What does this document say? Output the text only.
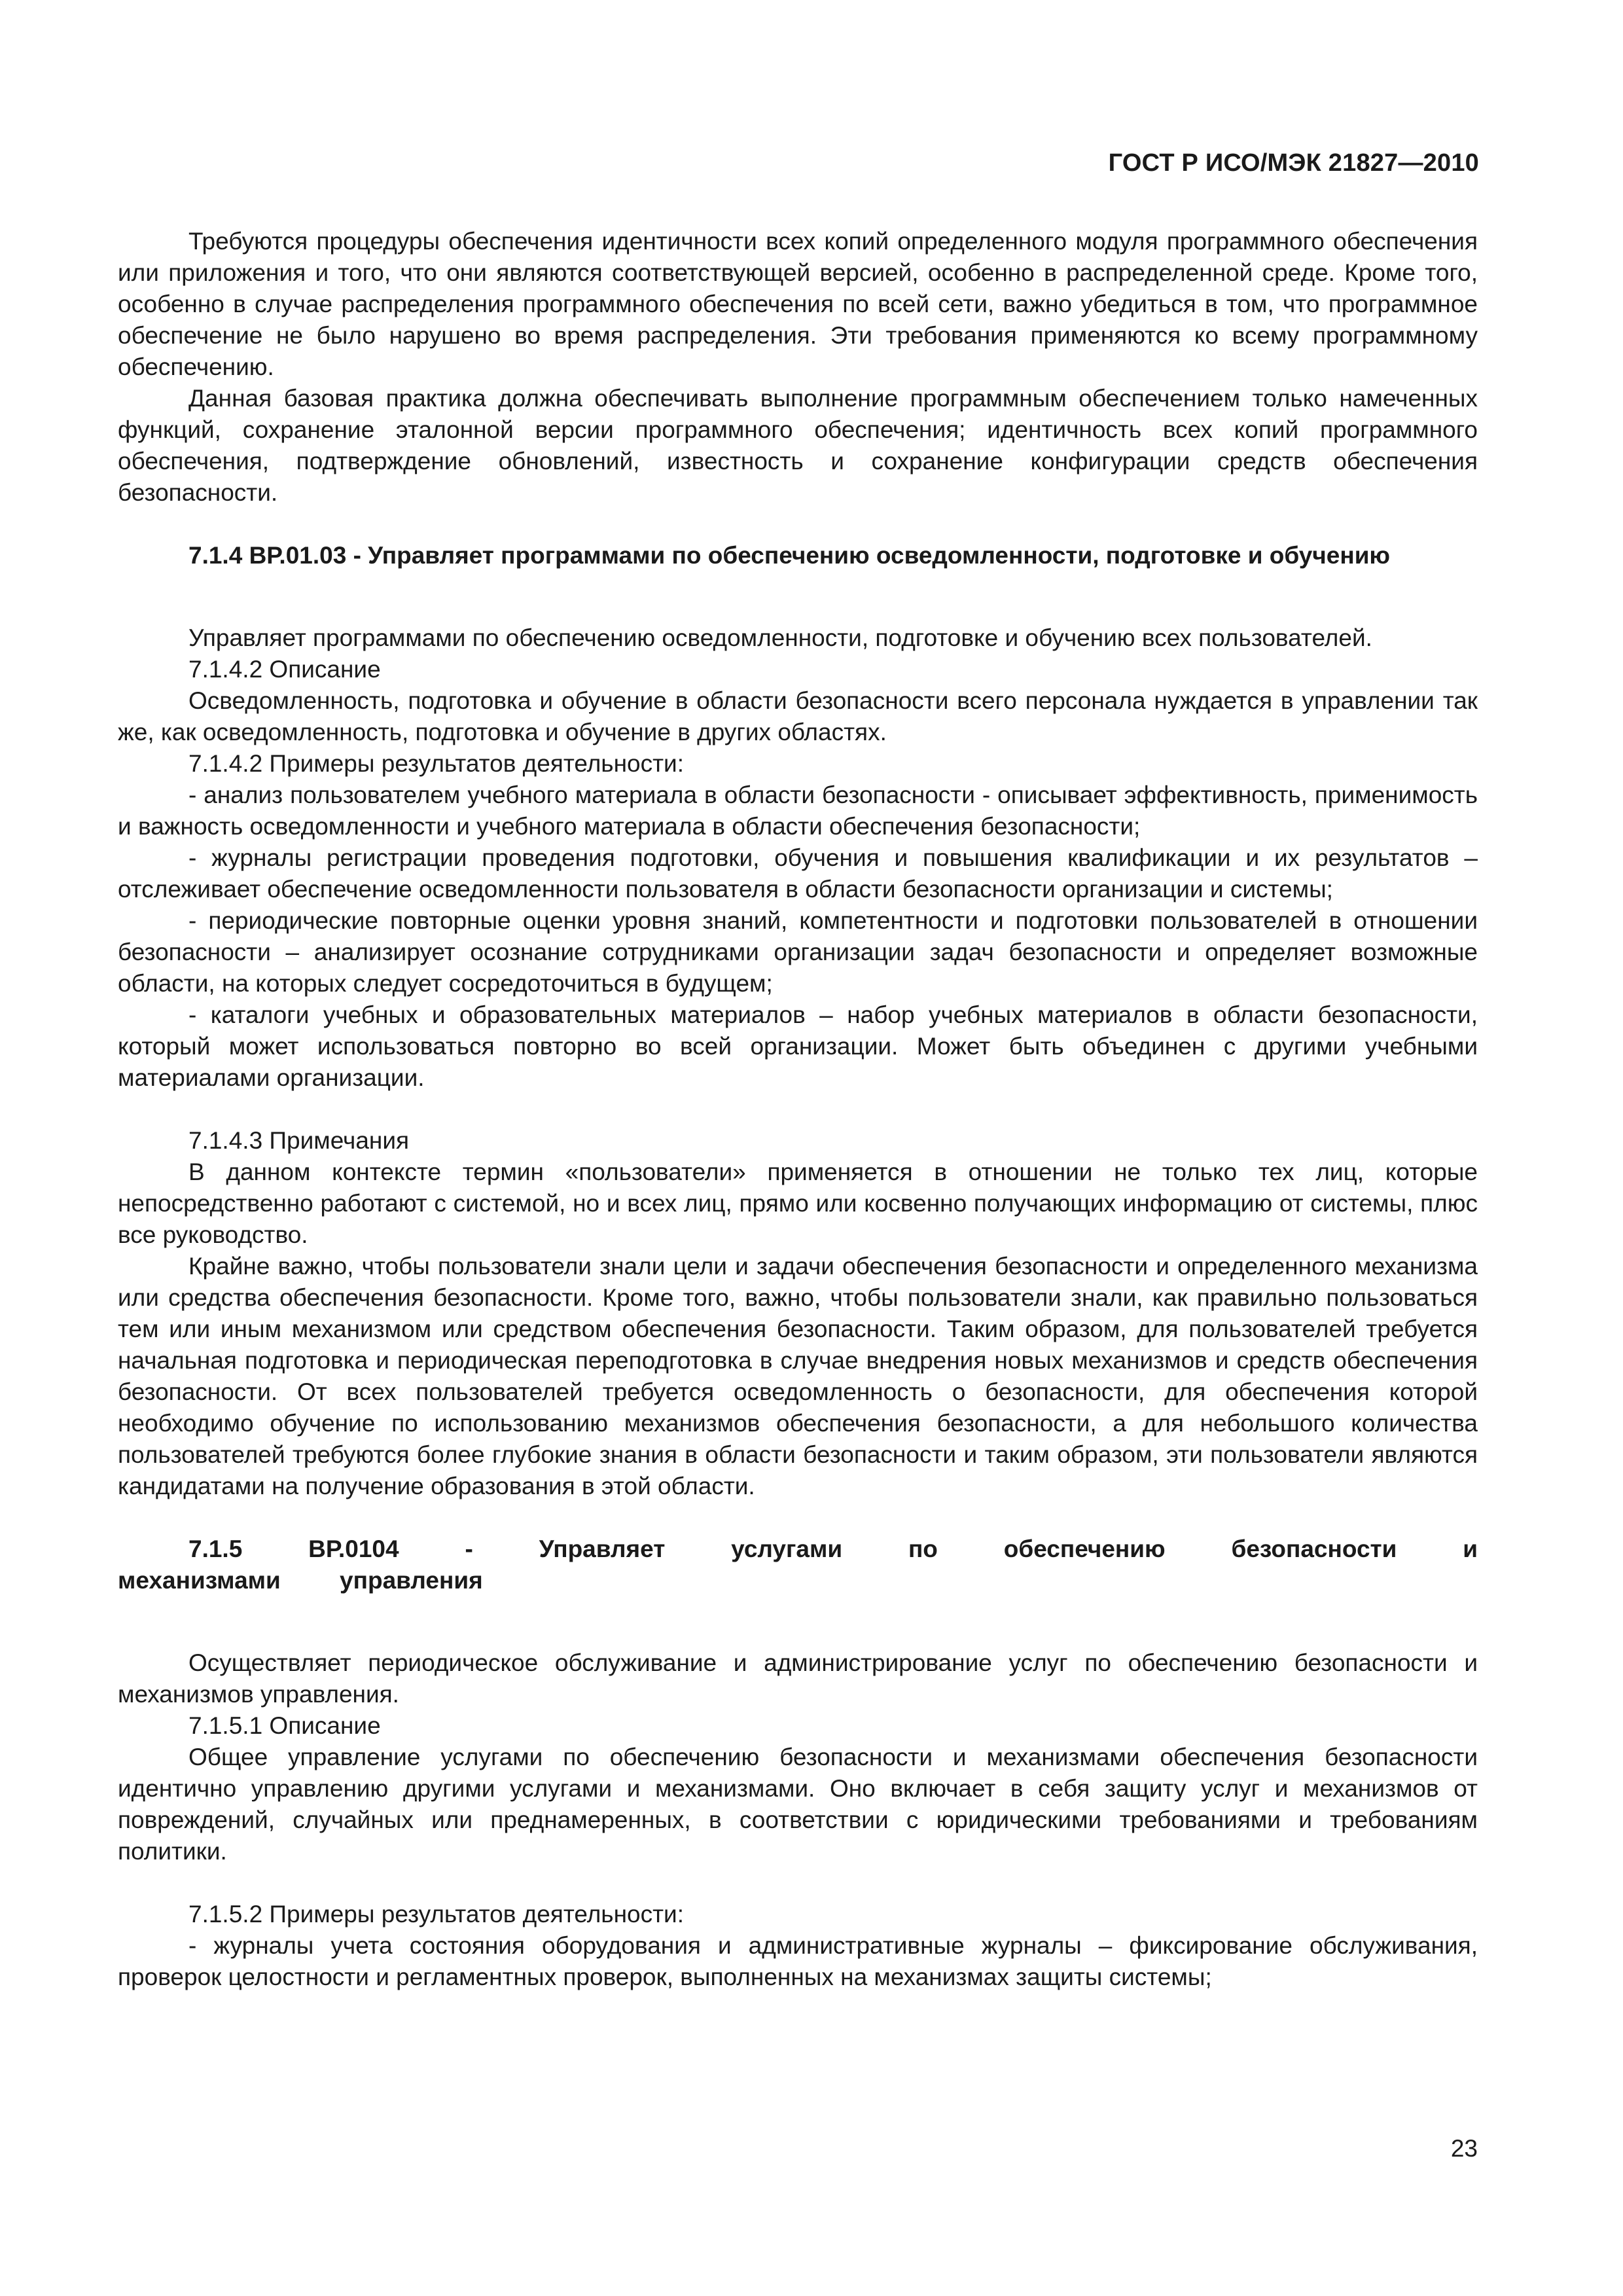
ГОСТ Р ИСО/МЭК 21827—2010

Требуются процедуры обеспечения идентичности всех копий определенного модуля программного обеспечения или приложения и того, что они являются соответствующей версией, особенно в распределенной среде. Кроме того, особенно в случае распределения программного обеспечения по всей сети, важно убедиться в том, что программное обеспечение не было нарушено во время распределения. Эти требования применяются ко всему программному обеспечению.

Данная базовая практика должна обеспечивать выполнение программным обеспечением только намеченных функций, сохранение эталонной версии программного обеспечения; идентичность всех копий программного обеспечения, подтверждение обновлений, известность и сохранение конфигурации средств обеспечения безопасности.

7.1.4 ВР.01.03 - Управляет программами по обеспечению осведомленности, подготовке и обучению

Управляет программами по обеспечению осведомленности, подготовке и обучению всех пользователей.

7.1.4.2 Описание

Осведомленность, подготовка и обучение в области безопасности всего персонала нуждается в управлении так же, как осведомленность, подготовка и обучение в других областях.

7.1.4.2 Примеры результатов деятельности:

- анализ пользователем учебного материала в области безопасности - описывает эффективность, применимость и важность осведомленности и учебного материала в области обеспечения безопасности;

- журналы регистрации проведения подготовки, обучения и повышения квалификации и их результатов – отслеживает обеспечение осведомленности пользователя в области безопасности организации и системы;

- периодические повторные оценки уровня знаний, компетентности и подготовки пользователей в отношении безопасности – анализирует осознание сотрудниками организации задач безопасности и определяет возможные области, на которых следует сосредоточиться в будущем;

- каталоги учебных и образовательных материалов – набор учебных материалов в области безопасности, который может использоваться повторно во всей организации. Может быть объединен с другими учебными материалами организации.

7.1.4.3 Примечания

В данном контексте термин «пользователи» применяется в отношении не только тех лиц, которые непосредственно работают с системой, но и всех лиц, прямо или косвенно получающих информацию от системы, плюс все руководство.

Крайне важно, чтобы пользователи знали цели и задачи обеспечения безопасности и определенного механизма или средства обеспечения безопасности. Кроме того, важно, чтобы пользователи знали, как правильно пользоваться тем или иным механизмом или средством обеспечения безопасности. Таким образом, для пользователей требуется начальная подготовка и периодическая переподготовка в случае внедрения новых механизмов и средств обеспечения безопасности. От всех пользователей требуется осведомленность о безопасности, для обеспечения которой необходимо обучение по использованию механизмов обеспечения безопасности, а для небольшого количества пользователей требуются более глубокие знания в области безопасности и таким образом, эти пользователи являются кандидатами на получение образования в этой области.

7.1.5 ВР.0104 - Управляет услугами по обеспечению безопасности и механизмами управления

Осуществляет периодическое обслуживание и администрирование услуг по обеспечению безопасности и механизмов управления.

7.1.5.1 Описание

Общее управление услугами по обеспечению безопасности и механизмами обеспечения безопасности идентично управлению другими услугами и механизмами. Оно включает в себя защиту услуг и механизмов от повреждений, случайных или преднамеренных, в соответствии с юридическими требованиями и требованиям политики.

7.1.5.2 Примеры результатов деятельности:

- журналы учета состояния оборудования и административные журналы – фиксирование обслуживания, проверок целостности и регламентных проверок, выполненных на механизмах защиты системы;

23
